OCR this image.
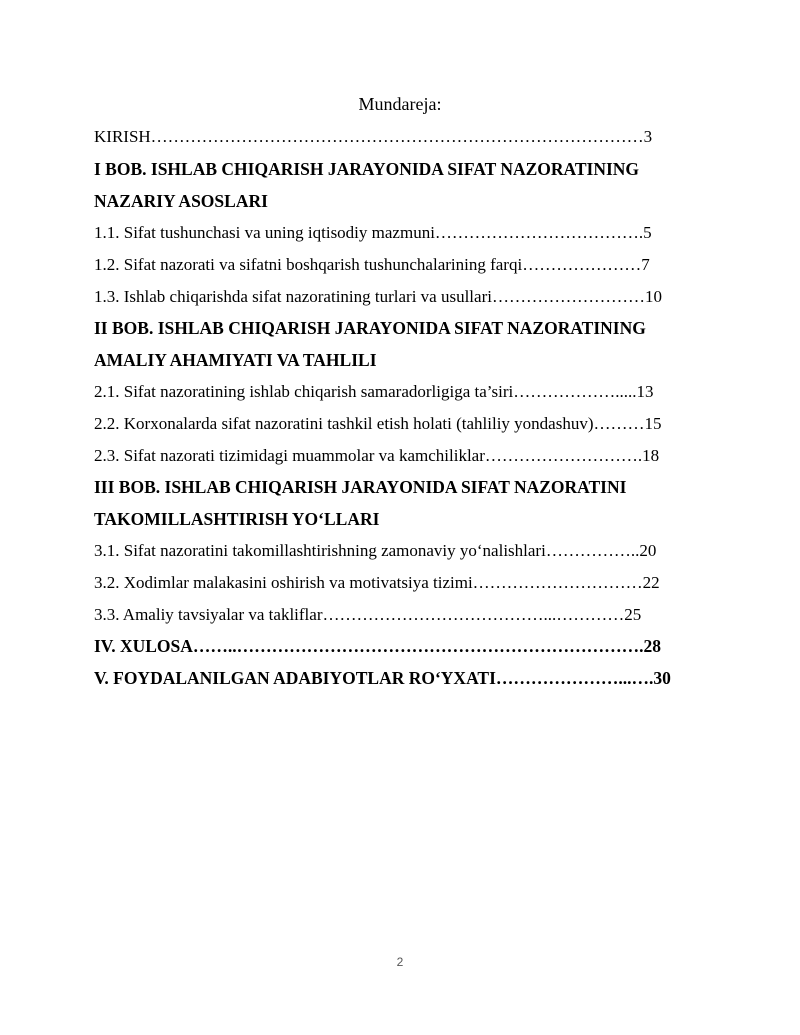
Mundareja:
KIRISH……………………………………………………………………………3
I BOB. ISHLAB CHIQARISH JARAYONIDA SIFAT NAZORATINING
NAZARIY ASOSLARI
1.1. Sifat tushunchasi va uning iqtisodiy mazmuni……………………………….5
1.2. Sifat nazorati va sifatni boshqarish tushunchalarining farqi…………………7
1.3. Ishlab chiqarishda sifat nazoratining turlari va usullari………………………10
II BOB. ISHLAB CHIQARISH JARAYONIDA SIFAT NAZORATINING
AMALIY AHAMIYATI VA TAHLILI
2.1. Sifat nazoratining ishlab chiqarish samaradorligiga ta’siri……………….....13
2.2. Korxonalarda sifat nazoratini tashkil etish holati (tahliliy yondashuv)………15
2.3. Sifat nazorati tizimidagi muammolar va kamchiliklar……………………….18
III BOB. ISHLAB CHIQARISH JARAYONIDA SIFAT NAZORATINI
TAKOMILLASHTIRISH YO‘LLARI
3.1. Sifat nazoratini takomillashtirishning zamonaviy yo‘nalishlari……………..20
3.2. Xodimlar malakasini oshirish va motivatsiya tizimi…………………………22
3.3. Amaliy tavsiyalar va takliflar…………………………………...…………25
IV. XULOSA……..…………………………………………………………….28
V. FOYDALANILGAN ADABIYOTLAR RO‘YXATI…………………...….30
2
